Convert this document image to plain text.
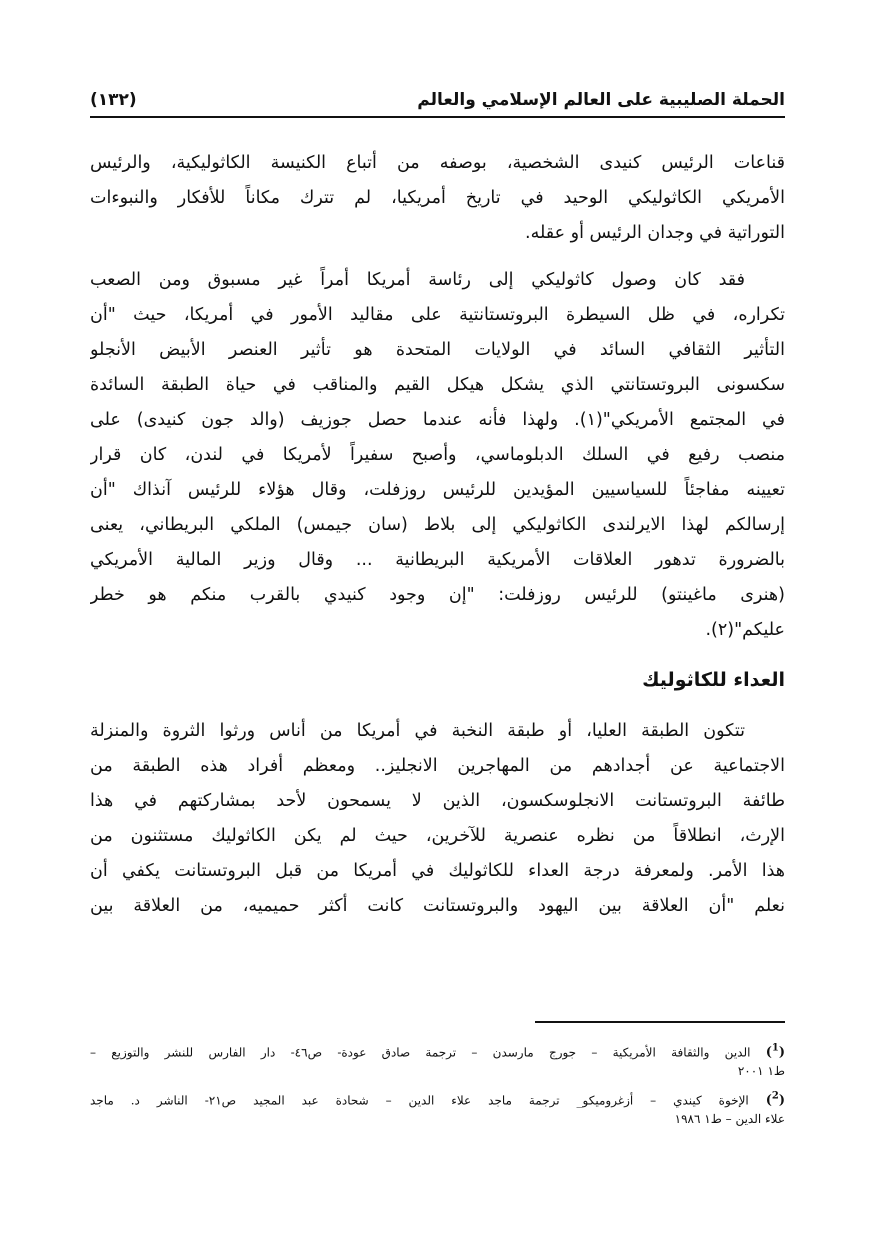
الحملة الصليبية على العالم الإسلامي والعالم
(١٣٢)
قناعات الرئيس كنيدى الشخصية، بوصفه من أتباع الكنيسة الكاثوليكية، والرئيس
الأمريكي الكاثوليكي الوحيد في تاريخ أمريكيا، لم تترك مكاناً للأفكار والنبوءات
التوراتية في وجدان الرئيس أو عقله.
فقد كان وصول كاثوليكي إلى رئاسة أمريكا أمراً غير مسبوق ومن الصعب
تكراره، في ظل السيطرة البروتستانتية على مقاليد الأمور في أمريكا، حيث "أن
التأثير الثقافي السائد في الولايات المتحدة هو تأثير العنصر الأبيض الأنجلو
سكسونى البروتستانتي الذي يشكل هيكل القيم والمناقب في حياة الطبقة السائدة
في المجتمع الأمريكي"(١). ولهذا فأنه عندما حصل جوزيف (والد جون كنيدى) على
منصب رفيع في السلك الدبلوماسي، وأصبح سفيراً لأمريكا في لندن، كان قرار
تعيينه مفاجئاً للسياسيين المؤيدين للرئيس روزفلت، وقال هؤلاء للرئيس آنذاك "أن
إرسالكم لهذا الايرلندى الكاثوليكي إلى بلاط (سان جيمس) الملكي البريطاني، يعنى
بالضرورة تدهور العلاقات الأمريكية البريطانية ... وقال وزير المالية الأمريكي
(هنرى ماغينتو) للرئيس روزفلت: "إن وجود كنيدي بالقرب منكم هو خطر
عليكم"(٢).
العداء للكاثوليك
تتكون الطبقة العليا، أو طبقة النخبة في أمريكا من أناس ورثوا الثروة والمنزلة
الاجتماعية عن أجدادهم من المهاجرين الانجليز.. ومعظم أفراد هذه الطبقة من
طائفة البروتستانت الانجلوسكسون، الذين لا يسمحون لأحد بمشاركتهم في هذا
الإرث، انطلاقاً من نظره عنصرية للآخرين، حيث لم يكن الكاثوليك مستثنون من
هذا الأمر. ولمعرفة درجة العداء للكاثوليك في أمريكا من قبل البروتستانت يكفي أن
نعلم "أن العلاقة بين اليهود والبروتستانت كانت أكثر حميميه، من العلاقة بين
($^1$) الدين والثقافة الأمريكية – جورج مارسدن – ترجمة صادق عودة- ص٤٦- دار الفارس للنشر والتوزيع –
ط١ ٢٠٠١
($^2$) الإخوة كيندي – أزغروميكو_ ترجمة ماجد علاء الدين – شحادة عبد المجيد ص٢١- الناشر د. ماجد
علاء الدين – ط١ ١٩٨٦
